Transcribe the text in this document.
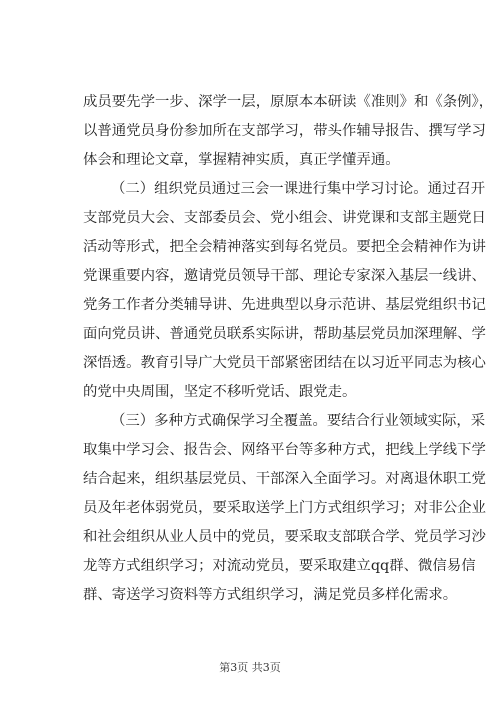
成员要先学一步、深学一层，原原本本研读《准则》和《条例》，
以普通党员身份参加所在支部学习，带头作辅导报告、撰写学习
体会和理论文章，掌握精神实质，真正学懂弄通。
（二）组织党员通过三会一课进行集中学习讨论。通过召开
支部党员大会、支部委员会、党小组会、讲党课和支部主题党日
活动等形式，把全会精神落实到每名党员。要把全会精神作为讲
党课重要内容，邀请党员领导干部、理论专家深入基层一线讲、
党务工作者分类辅导讲、先进典型以身示范讲、基层党组织书记
面向党员讲、普通党员联系实际讲，帮助基层党员加深理解、学
深悟透。教育引导广大党员干部紧密团结在以习近平同志为核心
的党中央周围，坚定不移听党话、跟党走。
（三）多种方式确保学习全覆盖。要结合行业领域实际，采
取集中学习会、报告会、网络平台等多种方式，把线上学线下学
结合起来，组织基层党员、干部深入全面学习。对离退休职工党
员及年老体弱党员，要采取送学上门方式组织学习；对非公企业
和社会组织从业人员中的党员，要采取支部联合学、党员学习沙
龙等方式组织学习；对流动党员，要采取建立qq群、微信易信
群、寄送学习资料等方式组织学习，满足党员多样化需求。
第3页 共3页
